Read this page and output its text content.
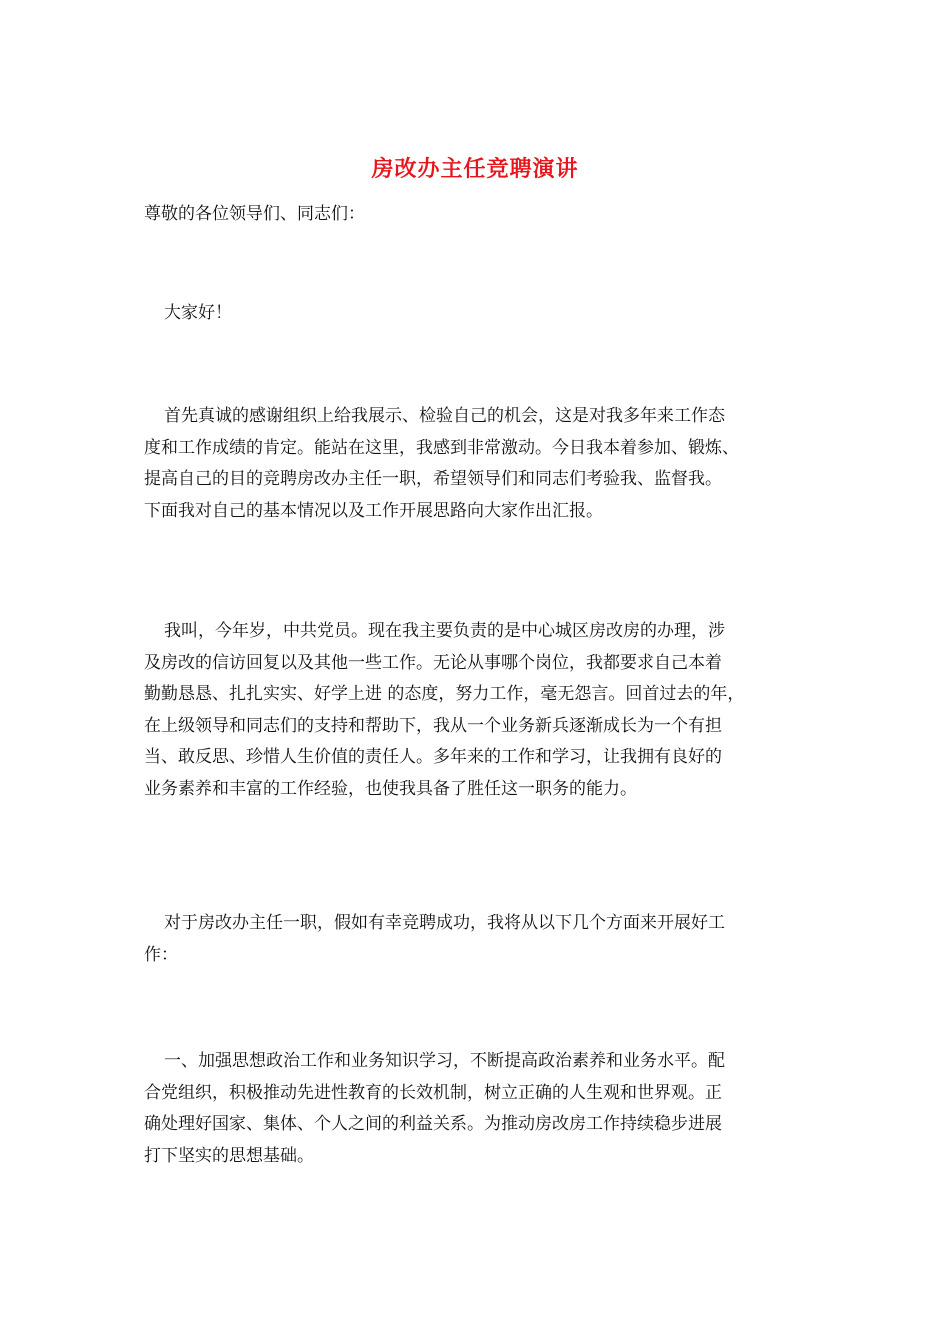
房改办主任竞聘演讲

尊敬的各位领导们、同志们：

大家好！

首先真诚的感谢组织上给我展示、检验自己的机会，这是对我多年来工作态
度和工作成绩的肯定。能站在这里，我感到非常激动。今日我本着参加、锻炼、
提高自己的目的竞聘房改办主任一职，希望领导们和同志们考验我、监督我。
下面我对自己的基本情况以及工作开展思路向大家作出汇报。

我叫，今年岁，中共党员。现在我主要负责的是中心城区房改房的办理，涉
及房改的信访回复以及其他一些工作。无论从事哪个岗位，我都要求自己本着
勤勤恳恳、扎扎实实、好学上进 的态度，努力工作，毫无怨言。回首过去的年，
在上级领导和同志们的支持和帮助下，我从一个业务新兵逐渐成长为一个有担
当、敢反思、珍惜人生价值的责任人。多年来的工作和学习，让我拥有良好的
业务素养和丰富的工作经验，也使我具备了胜任这一职务的能力。

对于房改办主任一职，假如有幸竞聘成功，我将从以下几个方面来开展好工
作：

一、加强思想政治工作和业务知识学习，不断提高政治素养和业务水平。配
合党组织，积极推动先进性教育的长效机制，树立正确的人生观和世界观。正
确处理好国家、集体、个人之间的利益关系。为推动房改房工作持续稳步进展
打下坚实的思想基础。
